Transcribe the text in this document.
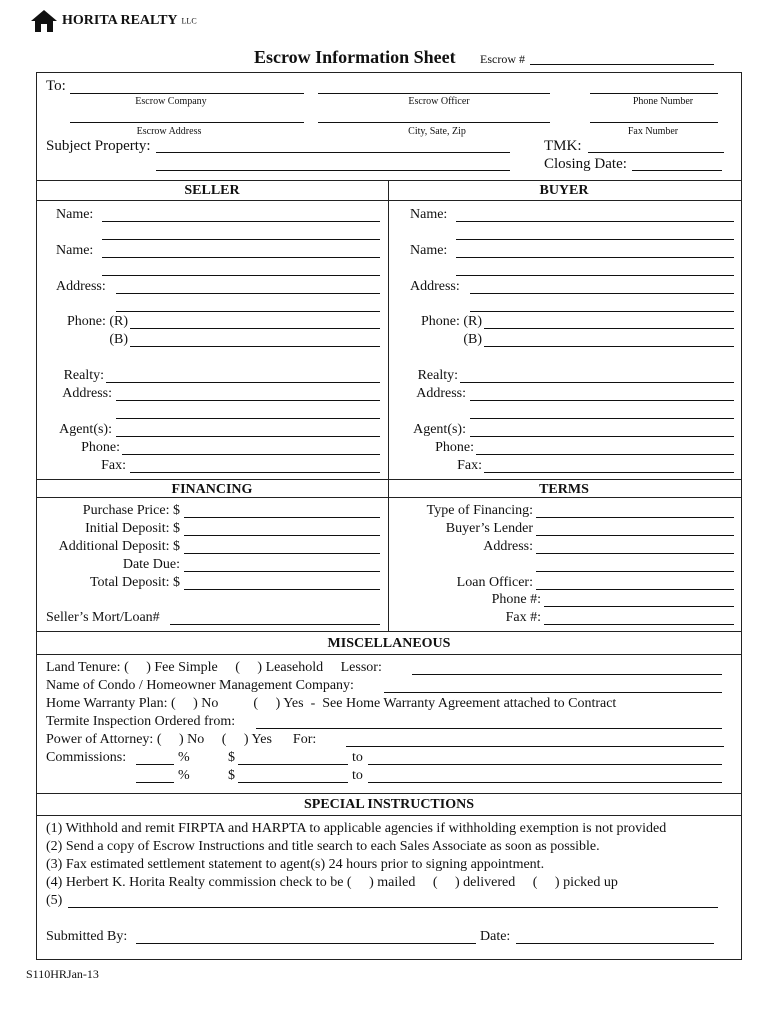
HORITA REALTY LLC
Escrow Information Sheet Escrow #
To:
Escrow Company	Escrow Officer	Phone Number
Escrow Address	City, Sate, Zip	Fax Number
Subject Property:	TMK:
Closing Date:
SELLER	BUYER
Name:
Name:
Address:
Phone: (R)
(B)
Realty:
Address:
Agent(s):
Phone:
Fax:
Name:
Name:
Address:
Phone: (R)
(B)
Realty:
Address:
Agent(s):
Phone:
Fax:
FINANCING	TERMS
Purchase Price: $
Initial Deposit: $
Additional Deposit: $
Date Due:
Total Deposit: $
Seller’s Mort/Loan#
Type of Financing:
Buyer’s Lender
Address:
Loan Officer:
Phone #:
Fax #:
MISCELLANEOUS
Land Tenure: (     ) Fee Simple     (     ) Leasehold     Lessor:
Name of Condo / Homeowner Management Company:
Home Warranty Plan: (     ) No          (     ) Yes  -  See Home Warranty Agreement attached to Contract
Termite Inspection Ordered from:
Power of Attorney: (     ) No     (     ) Yes      For:
Commissions:	%	$	to
%	$	to
SPECIAL INSTRUCTIONS
(1) Withhold and remit FIRPTA and HARPTA to applicable agencies if withholding exemption is not provided
(2) Send a copy of Escrow Instructions and title search to each Sales Associate as soon as possible.
(3) Fax estimated settlement statement to agent(s) 24 hours prior to signing appointment.
(4) Herbert K. Horita Realty commission check to be (     ) mailed     (     ) delivered     (     ) picked up
(5)
Submitted By:	Date:
S110HRJan-13
